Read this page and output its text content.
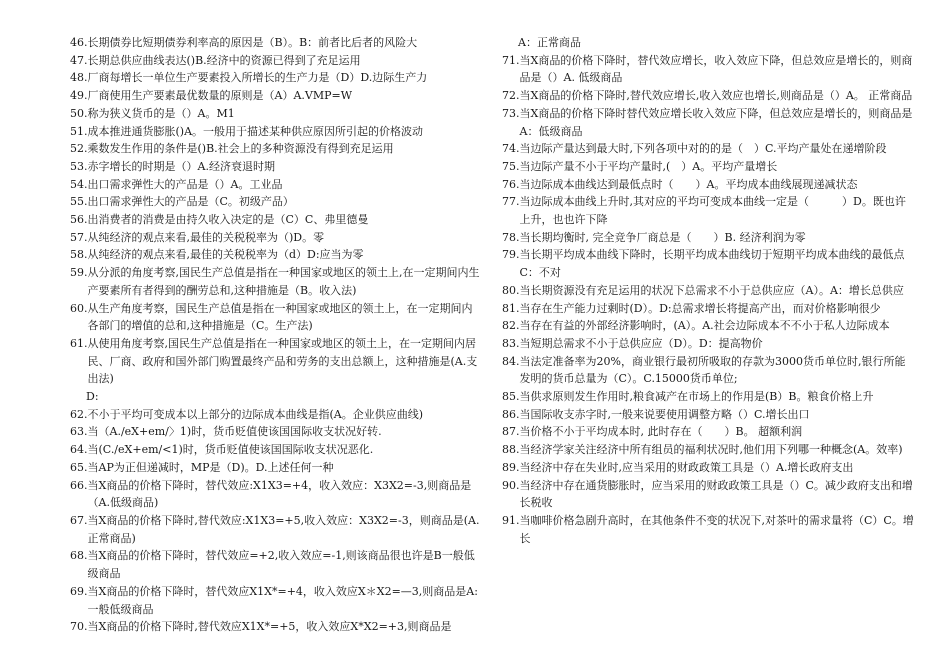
46. 长期债券比短期债券利率高的原因是（B）。B：前者比后者的风险大
47. 长期总供应曲线表达()B.经济中的资源已得到了充足运用
48. 厂商每增长一单位生产要素投入所增长的生产力是（D）D.边际生产力
49. 厂商使用生产要素最优数量的原则是（A）A.VMP=W
50. 称为狭义货币的是（）A。M1
51. 成本推进通货膨胀()A。一般用于描述某种供应原因所引起的价格波动
52. 乘数发生作用的条件是()B.社会上的多种资源没有得到充足运用
53. 赤字增长的时期是（）A.经济衰退时期
54. 出口需求弹性大的产品是（）A。工业品
55. 出口需求弹性大的产品是（C。初级产品）
56. 出消费者的消费是由持久收入决定的是（C）C、弗里德曼
57. 从纯经济的观点来看,最佳的关税税率为（)D。零
58. 从纯经济的观点来看,最佳的关税税率为（d）D:应当为零
59. 从分派的角度考察,国民生产总值是指在一种国家或地区的领土上,在一定期间内生产要素所有者得到的酬劳总和,这种措施是（B。收入法)
60. 从生产角度考察，国民生产总值是指在一种国家或地区的领土上，在一定期间内各部门的增值的总和,这种措施是（C。生产法)
61. 从使用角度考察,国民生产总值是指在一种国家或地区的领土上，在一定期间内居民、厂商、政府和国外部门购置最终产品和劳务的支出总额上，这种措施是(A.支出法)
D:
62. 不小于平均可变成本以上部分的边际成本曲线是指(A。企业供应曲线)
63. 当（A./eX+em/〉1)时，货币贬值使该国国际收支状况好转.
64. 当(C./eX+em/<1)时，货币贬值使该国国际收支状况恶化.
65. 当AP为正但递减时，MP是（D)。D.上述任何一种
66. 当X商品的价格下降时，替代效应:X1X3=+4，收入效应：X3X2=-3,则商品是（A.低级商品)
67. 当X商品的价格下降时,替代效应:X1X3=+5,收入效应：X3X2=-3，则商品是(A.正常商品)
68. 当X商品的价格下降时，替代效应=+2,收入效应=-1,则该商品很也许是B一般低级商品
69. 当X商品的价格下降时，替代效应X1X*=+4，收入效应X＊X2=—3,则商品是A:一般低级商品
70. 当X商品的价格下降时,替代效应X1X*=+5，收入效应X*X2=+3,则商品是
A：正常商品
71. 当X商品的价格下降时，替代效应增长，收入效应下降，但总效应是增长的，则商品是（）A. 低级商品
72. 当X商品的价格下降时,替代效应增长,收入效应也增长,则商品是（）A。 正常商品
73. 当X商品的价格下降时替代效应增长收入效应下降，但总效应是增长的，则商品是A：低级商品
74. 当边际产量达到最大时,下列各项中对的的是（　）C.平均产量处在递增阶段
75. 当边际产量不小于平均产量时,(　）A。平均产量增长
76. 当边际成本曲线达到最低点时（　　）A。平均成本曲线展现递减状态
77. 当边际成本曲线上升时,其对应的平均可变成本曲线一定是（　　　）D。既也许上升，也也许下降
78. 当长期均衡时, 完全竞争厂商总是（　　）B. 经济利润为零
79. 当长期平均成本曲线下降时，长期平均成本曲线切于短期平均成本曲线的最低点C：不对
80. 当长期资源没有充足运用的状况下总需求不小于总供应应（A）。A：增长总供应
81. 当存在生产能力过剩时(D）。D:总需求增长将提高产出，而对价格影响很少
82. 当存在有益的外部经济影响时，(A）。A.社会边际成本不不小于私人边际成本
83. 当短期总需求不小于总供应应（D）。D：提高物价
84. 当法定准备率为20%，商业银行最初所吸取的存款为3000货币单位时,银行所能发明的货币总量为（C）。C.15000货币单位;
85. 当供求原则发生作用时,粮食减产在市场上的作用是(B）B。粮食价格上升
86. 当国际收支赤字时,一般来说要使用调整方略（）C.增长出口
87. 当价格不小于平均成本时, 此时存在（　　）B。 超额利润
88. 当经济学家关注经济中所有组员的福利状况时,他们用下列哪一种概念(A。效率)
89. 当经济中存在失业时,应当采用的财政政策工具是（）A.增长政府支出
90. 当经济中存在通货膨胀时，应当采用的财政政策工具是（）C。减少政府支出和增长税收
91. 当咖啡价格急剧升高时，在其他条件不变的状况下,对茶叶的需求量将（C）C。增长
